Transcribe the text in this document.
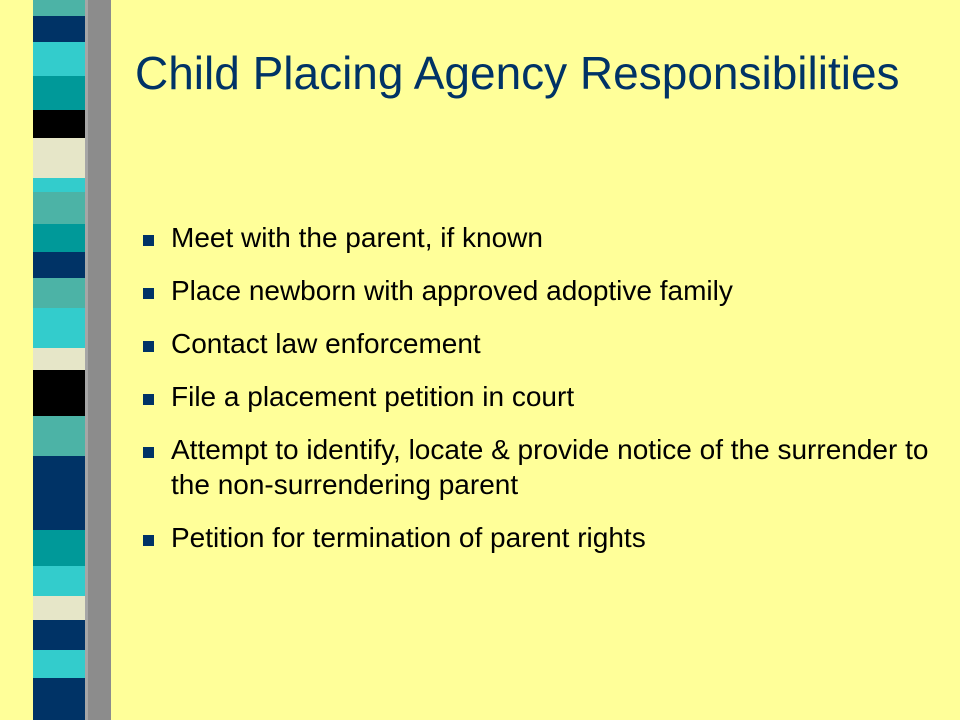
Child Placing Agency Responsibilities
Meet with the parent, if known
Place newborn with approved adoptive family
Contact law enforcement
File a placement petition in court
Attempt to identify, locate & provide notice of the surrender to the non-surrendering parent
Petition for termination of parent rights
